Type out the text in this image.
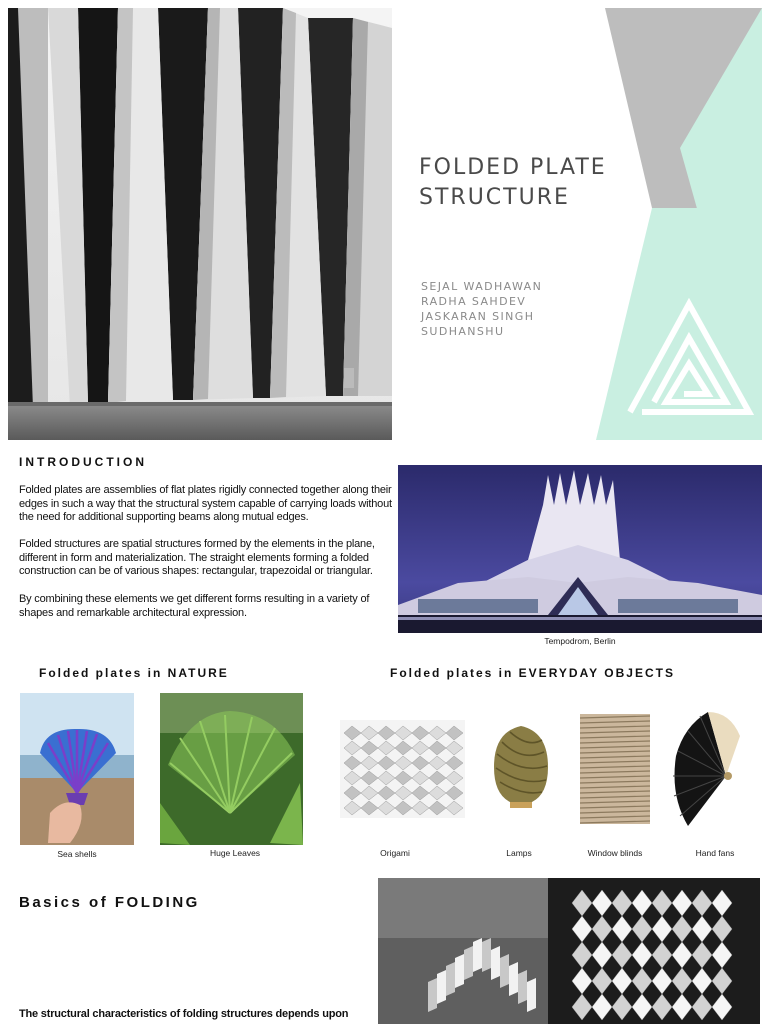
FOLDED PLATE
STRUCTURE
SEJAL WADHAWAN
RADHA SAHDEV
JASKARAN SINGH
SUDHANSHU
INTRODUCTION

Folded plates are assemblies of flat plates rigidly connected together along their edges in such a way that the structural system capable of carrying loads without the need for additional supporting beams along mutual edges.

Folded structures are spatial structures formed by the elements in the plane, different in form and materialization. The straight elements forming a folded construction can be of various shapes: rectangular, trapezoidal or triangular.

By combining these elements we get different forms resulting in a variety of shapes and remarkable architectural expression.

Tempodrom, Berlin
Folded plates in NATURE	Folded plates in EVERYDAY OBJECTS
Sea shells	Huge Leaves	Origami	Lamps	Window blinds	Hand fans
Basics of FOLDING
The structural characteristics of folding structures depends upon
